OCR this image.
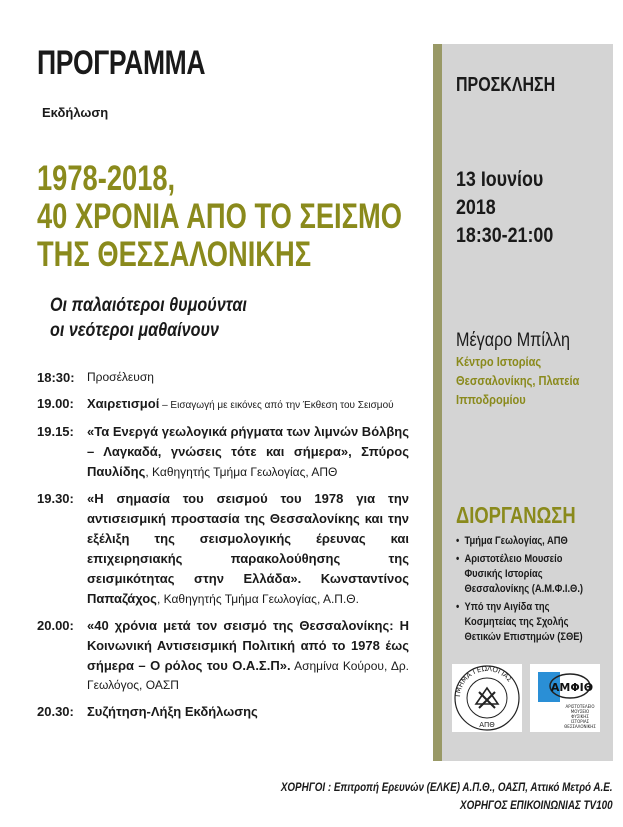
ΠΡΟΓΡΑΜΜΑ
Εκδήλωση
1978-2018,
40 ΧΡΟΝΙΑ ΑΠΟ ΤΟ ΣΕΙΣΜΟ
ΤΗΣ ΘΕΣΣΑΛΟΝΙΚΗΣ
Οι παλαιότεροι θυμούνται
οι νεότεροι μαθαίνουν
18:30:	Προσέλευση
19.00:	Χαιρετισμοί – Εισαγωγή με εικόνες από την Έκθεση του Σεισμού
19.15:	«Τα Ενεργά γεωλογικά ρήγματα των λιμνών Βόλβης – Λαγκαδά, γνώσεις τότε και σήμερα», Σπύρος Παυλίδης, Καθηγητής Τμήμα Γεωλογίας, ΑΠΘ
19.30:	«Η σημασία του σεισμού του 1978 για την αντισεισμική προστασία της Θεσσαλονίκης και την εξέλιξη της σεισμολογικής έρευνας και επιχειρησιακής παρακολούθησης της σεισμικότητας στην Ελλάδα». Κωνσταντίνος Παπαζάχος, Καθηγητής Τμήμα Γεωλογίας, Α.Π.Θ.
20.00:	«40 χρόνια μετά τον σεισμό της Θεσσαλονίκης: Η Κοινωνική Αντισεισμική Πολιτική από το 1978 έως σήμερα – Ο ρόλος του Ο.Α.Σ.Π». Ασημίνα Κούρου, Δρ. Γεωλόγος, ΟΑΣΠ
20.30:	Συζήτηση-Λήξη Εκδήλωσης
ΠΡΟΣΚΛΗΣΗ
13 Ιουνίου
2018
18:30-21:00
Μέγαρο Μπίλλη
Κέντρο Ιστορίας
Θεσσαλονίκης, Πλατεία
Ιπποδρομίου
ΔΙΟΡΓΑΝΩΣΗ
• Τμήμα Γεωλογίας, ΑΠΘ
• Αριστοτέλειο Μουσείο
Φυσικής Ιστορίας
Θεσσαλονίκης (Α.Μ.Φ.Ι.Θ.)
• Υπό την Αιγίδα της
Κοσμητείας της Σχολής
Θετικών Επιστημών (ΣΘΕ)
ΤΜΗΜΑ ΓΕΩΛΟΓΙΑΣ
ΑΠΘ
ΑΜΦΙΘ
ΑΡΙΣΤΟΤΕΛΕΙΟ
ΜΟΥΣΕΙΟ
ΦΥΣΙΚΗΣ
ΙΣΤΟΡΙΑΣ
ΘΕΣΣΑΛΟΝΙΚΗΣ
ΧΟΡΗΓΟΙ : Επιτροπή Ερευνών (ΕΛΚΕ) Α.Π.Θ., ΟΑΣΠ, Αττικό Μετρό Α.Ε.
ΧΟΡΗΓΟΣ ΕΠΙΚΟΙΝΩΝΙΑΣ TV100
